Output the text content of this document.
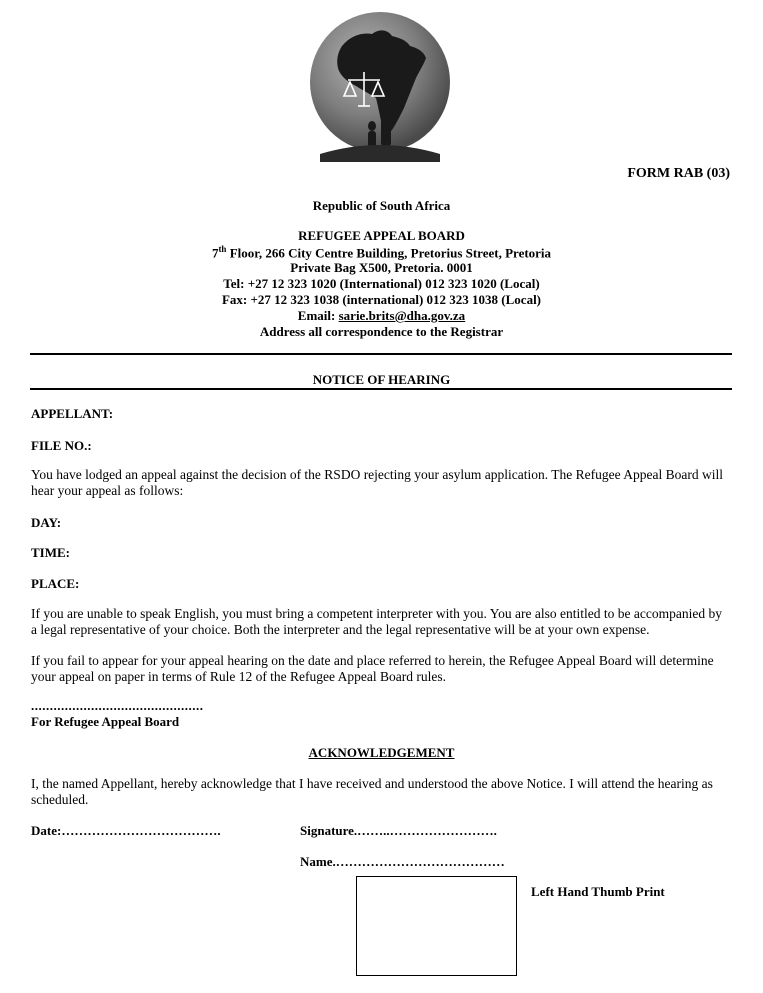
FORM RAB (03)
Republic of South Africa
REFUGEE APPEAL BOARD
7th Floor, 266 City Centre Building, Pretorius Street, Pretoria
Private Bag X500, Pretoria. 0001
Tel: +27 12 323 1020 (International) 012 323 1020 (Local)
Fax: +27 12 323 1038 (international) 012 323 1038 (Local)
Email: sarie.brits@dha.gov.za
Address all correspondence to the Registrar
NOTICE OF HEARING
APPELLANT:
FILE NO.:
You have lodged an appeal against the decision of the RSDO rejecting your asylum application. The Refugee Appeal Board will hear your appeal as follows:
DAY:
TIME:
PLACE:
If you are unable to speak English, you must bring a competent interpreter with you. You are also entitled to be accompanied by a legal representative of your choice. Both the interpreter and the legal representative will be at your own expense.
If you fail to appear for your appeal hearing on the date and place referred to herein, the Refugee Appeal Board will determine your appeal on paper in terms of Rule 12 of the Refugee Appeal Board rules.
..............................................
For Refugee Appeal Board
ACKNOWLEDGEMENT
I, the named Appellant, hereby acknowledge that I have received and understood the above Notice. I will attend the hearing as scheduled.
Date:……………………………….	Signature.……..…………………….
Name.…………………………………
Left Hand Thumb Print
